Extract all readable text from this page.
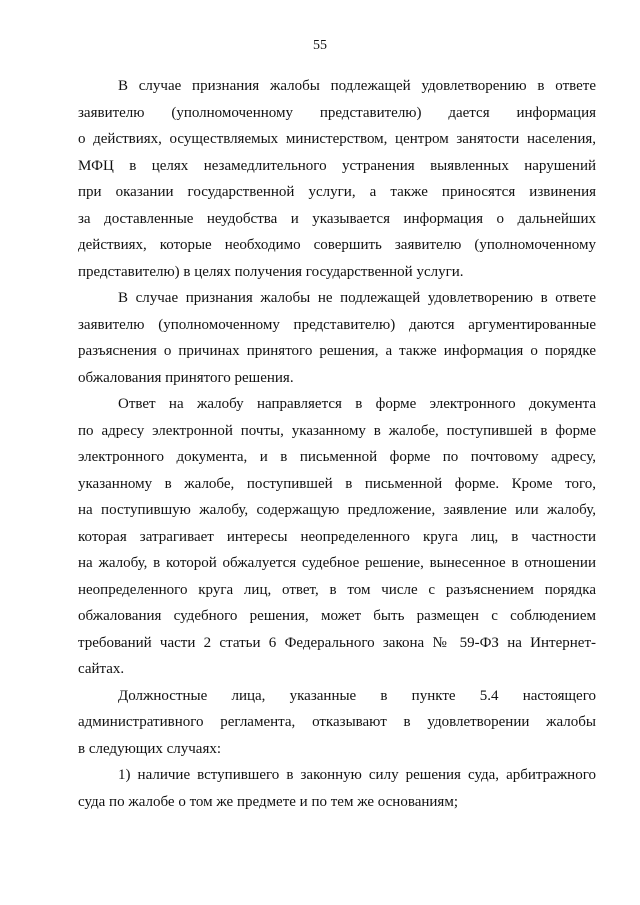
55
В случае признания жалобы подлежащей удовлетворению в ответе
заявителю (уполномоченному представителю) дается информация
о действиях, осуществляемых министерством, центром занятости населения,
МФЦ в целях незамедлительного устранения выявленных нарушений
при оказании государственной услуги, а также приносятся извинения
за доставленные неудобства и указывается информация о дальнейших
действиях, которые необходимо совершить заявителю (уполномоченному
представителю) в целях получения государственной услуги.
В случае признания жалобы не подлежащей удовлетворению в ответе
заявителю (уполномоченному представителю) даются аргументированные
разъяснения о причинах принятого решения, а также информация о порядке
обжалования принятого решения.
Ответ на жалобу направляется в форме электронного документа
по адресу электронной почты, указанному в жалобе, поступившей в форме
электронного документа, и в письменной форме по почтовому адресу,
указанному в жалобе, поступившей в письменной форме. Кроме того,
на поступившую жалобу, содержащую предложение, заявление или жалобу,
которая затрагивает интересы неопределенного круга лиц, в частности
на жалобу, в которой обжалуется судебное решение, вынесенное в отношении
неопределенного круга лиц, ответ, в том числе с разъяснением порядка
обжалования судебного решения, может быть размещен с соблюдением
требований части 2 статьи 6 Федерального закона № 59-ФЗ на Интернет-
сайтах.
Должностные лица, указанные в пункте 5.4 настоящего
административного регламента, отказывают в удовлетворении жалобы
в следующих случаях:
1) наличие вступившего в законную силу решения суда, арбитражного
суда по жалобе о том же предмете и по тем же основаниям;
